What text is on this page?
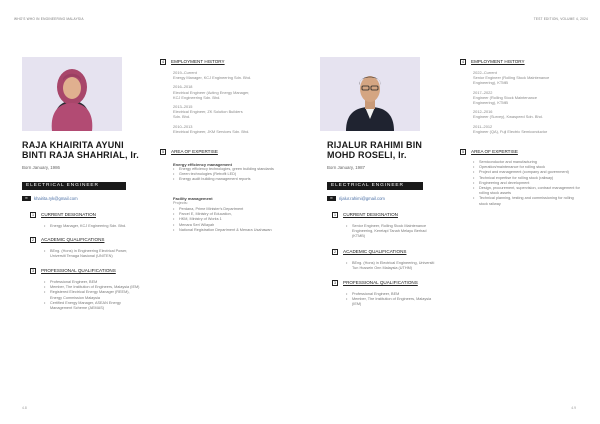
WHO'S WHO IN ENGINEERING MALAYSIA
RAJA KHAIRITA AYUNI
BINTI RAJA SHAHRIAL, Ir.
Born January, 1986
ELECTRICAL ENGINEER
✉ khairita.ryk@gmail.com
1 CURRENT DESIGNATION
• Energy Manager, KCJ Engineering Sdn. Bhd.
2 ACADEMIC QUALIFICATIONS
• BEng. (Hons) in Engineering Electrical Power, Universiti Tenaga Nasional (UNITEN)
3 PROFESSIONAL QUALIFICATIONS
• Professional Engineer, BEM
• Member, The Institution of Engineers, Malaysia (IEM)
• Registered Electrical Energy Manager (REEM), Energy Commission Malaysia
• Certified Energy Manager, ASEAN Energy Management Scheme (AEMAS)
4 EMPLOYMENT HISTORY
2019–Current
Energy Manager, KCJ Engineering Sdn. Bhd.
2016–2018
Electrical Engineer (Acting Energy Manager,
KCJ Engineering Sdn. Bhd.
2013–2015
Electrical Engineer, ZK Solution Builders
Sdn. Bhd.
2010–2013
Electrical Engineer, JKM Services Sdn. Bhd.
5 AREA OF EXPERTISE
Energy efficiency management
• Energy efficiency technologies, green building standards
• Green technologies (Retrofit LED)
• Energy audit building management reports
Facility management
Projects:
• Perdana, Prime Minister's Department
• Parcel E, Ministry of Education,
• HKM, Ministry of Works 1
• Menara Seri Wilayah
• National Registration Department & Menara Usahawan
4.8
TEST EDITION, VOLUME 4, 2024
RIJALUR RAHIMI BIN
MOHD ROSELI, Ir.
Born January, 1987
ELECTRICAL ENGINEER
✉ rijalur.rahimi@gmail.com
1 CURRENT DESIGNATION
• Senior Engineer, Rolling Stock Maintenance Engineering, Keretapi Tanah Melayu Berhad (KTMB)
2 ACADEMIC QUALIFICATIONS
• BEng. (Hons) in Electrical Engineering, Universiti Tun Hussein Onn Malaysia (UTHM)
3 PROFESSIONAL QUALIFICATIONS
• Professional Engineer, BEM
• Member, The Institution of Engineers, Malaysia (IEM)
4 EMPLOYMENT HISTORY
2022–Current
Senior Engineer (Rolling Stock Maintenance
Engineering), KTMB
2017–2022
Engineer (Rolling Stock Maintenance
Engineering), KTMB
2012–2016
Engineer (Survey), Kwaspeed Sdn. Bhd.
2011–2012
Engineer (QA), Fuji Electric Semiconductor
5 AREA OF EXPERTISE
• Semiconductor and manufacturing
• Operation/maintenance for rolling stock
• Project and management (company and government)
• Technical expertise for rolling stock (railway)
• Engineering and development
• Design, procurement, supervision, contract management for rolling stock assets
• Technical planning, testing and commissioning for rolling stock railway
4.9
